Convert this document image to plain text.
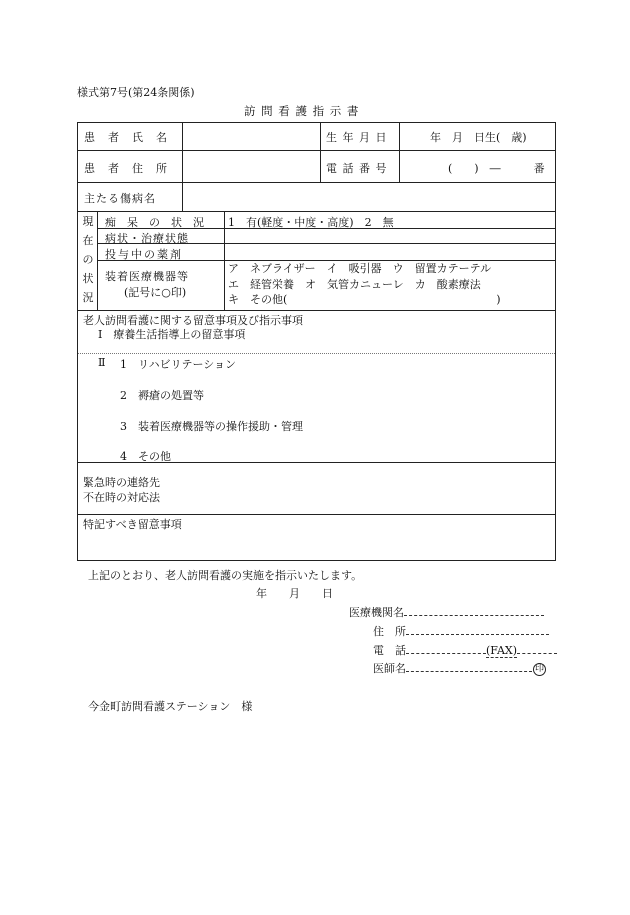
様式第7号(第24条関係)
訪 問 看 護 指 示 書
患　者　氏　名	生 年 月 日	年　月　日生(　歳)
患　者　住　所	電 話 番 号	(　　)　―　　　番
主たる傷病名
現
在
の
状
況
痴　呆　の　状　況 1　有(軽度・中度・高度)　2　無
病状・治療状態
投与中の薬剤
装着医療機器等
(記号に○印)
ア　ネブライザー　イ　吸引器　ウ　留置カテーテル
エ　経管栄養　オ　気管カニューレ　カ　酸素療法
キ　その他(　　　　　　　　　　　　　　　　　　　)
老人訪問看護に関する留意事項及び指示事項
Ⅰ　療養生活指導上の留意事項
Ⅱ 1　リハビリテーション
2　褥瘡の処置等
3　装着医療機器等の操作援助・管理
4　その他
緊急時の連絡先
不在時の対応法
特記すべき留意事項
上記のとおり、老人訪問看護の実施を指示いたします。
年　　月　　日
医療機関名
住　所
電　話	(FAX)
医師名	印
今金町訪問看護ステーション　様
